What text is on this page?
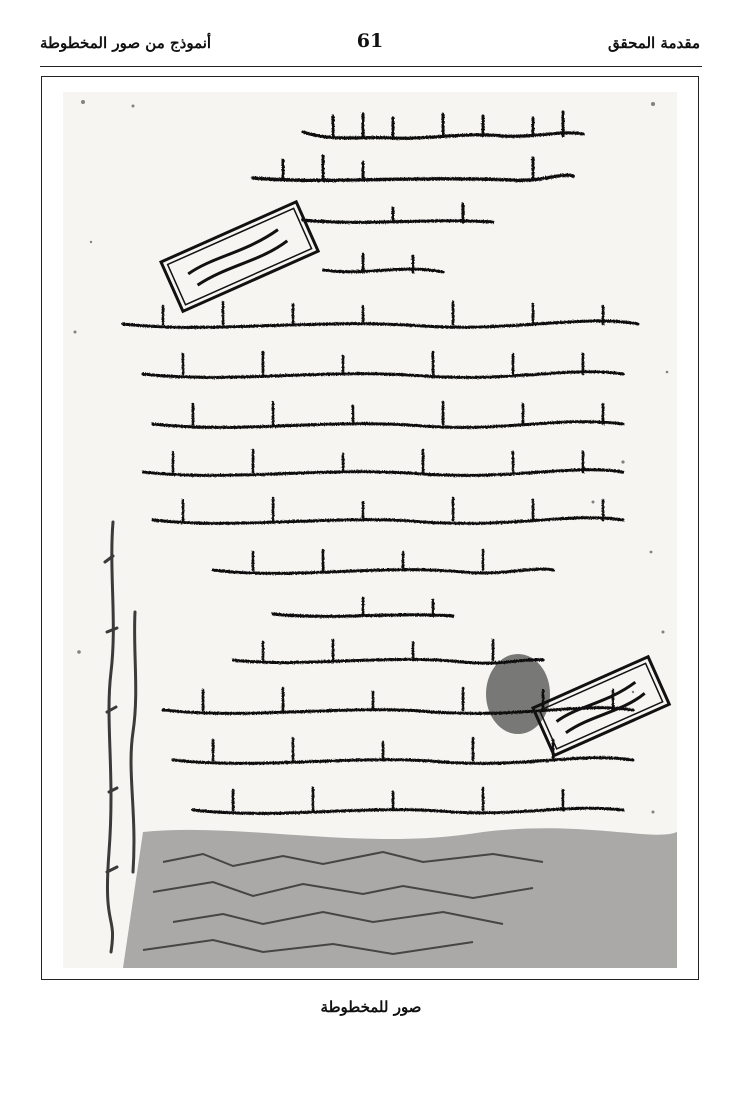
أنموذج من صور المخطوطة	61	مقدمة المحقق
صور للمخطوطة
